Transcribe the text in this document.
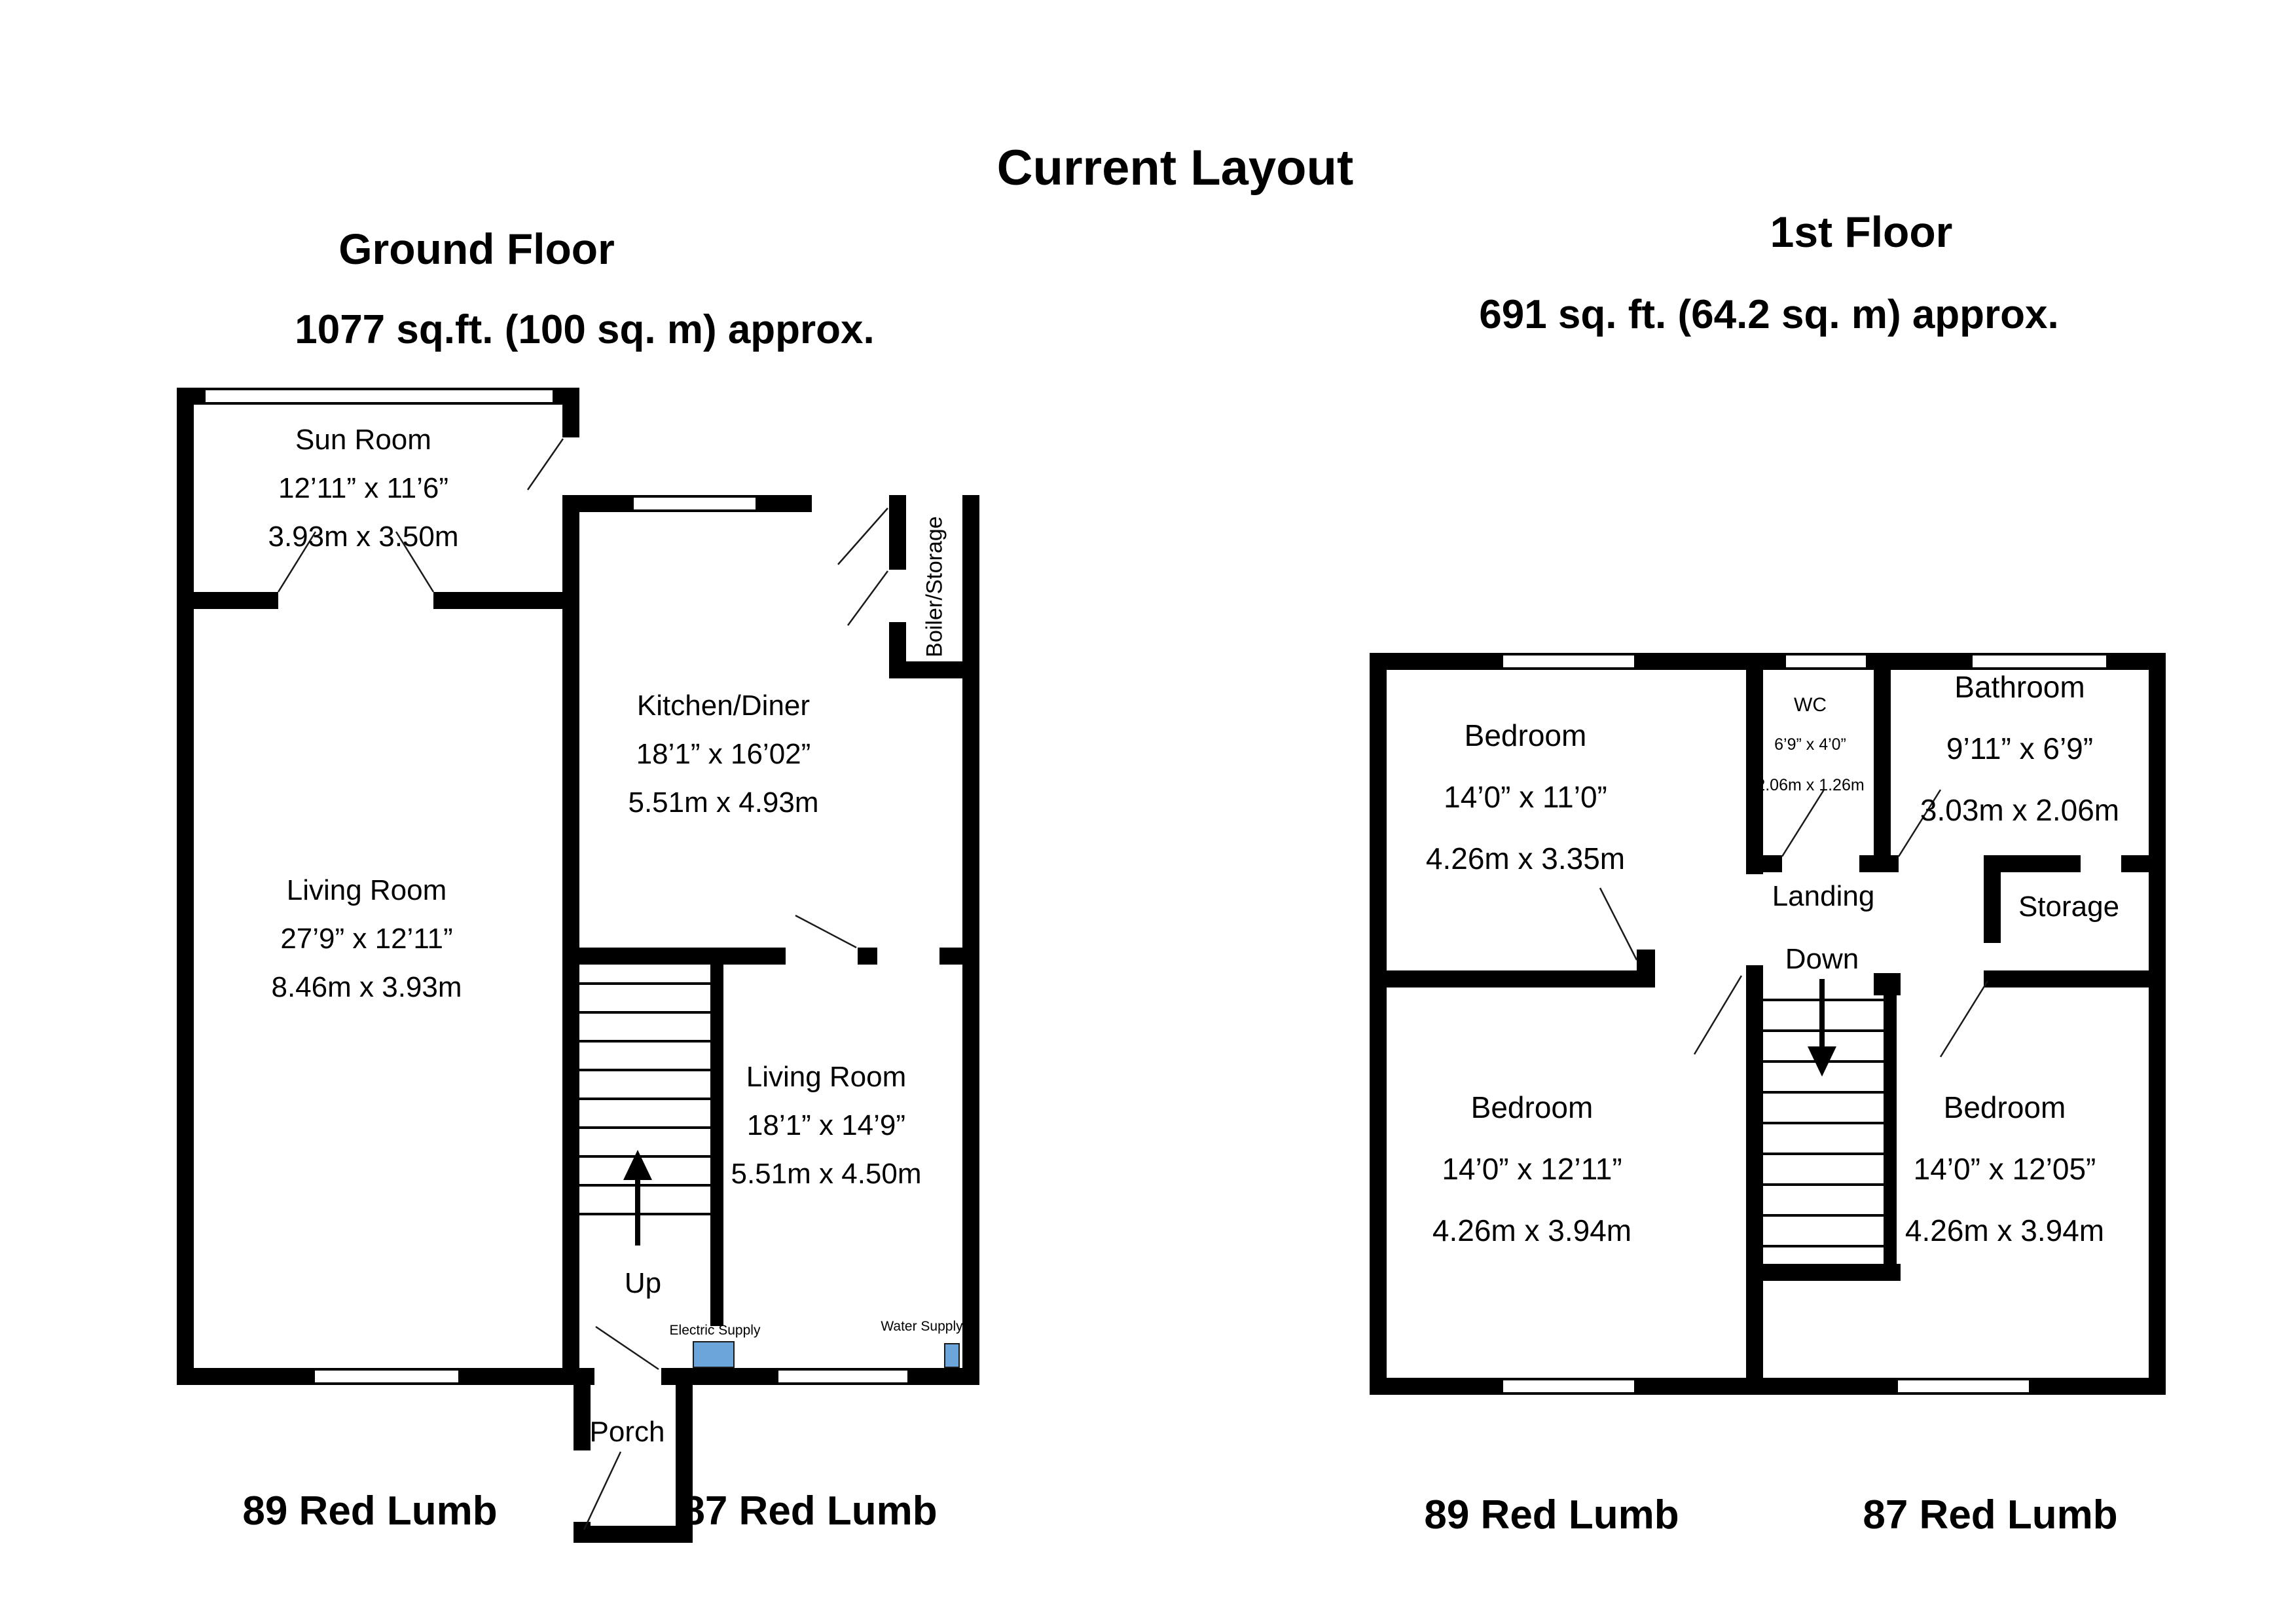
Current Layout
Ground Floor
1077 sq.ft. (100 sq. m) approx.
1st Floor
691 sq. ft. (64.2 sq. m) approx.

Sun Room

12’11” x 11’6”

3.93m x 3.50m

Living Room

27’9” x 12’11”

8.46m x 3.93m

Kitchen/Diner

18’1” x 16’02”

5.51m x 4.93m

Living Room

18’1” x 14’9”

5.51m x 4.50m

Boiler/Storage
Up
Porch
Electric Supply	Water Supply
89 Red Lumb	87 Red Lumb

Bedroom

14’0” x 11’0”

4.26m x 3.35m

WC

6’9” x 4’0”

2.06m x 1.26m

Bathroom

9’11” x 6’9”

3.03m x 2.06m

Bedroom

14’0” x 12’11”

4.26m x 3.94m

Bedroom

14’0” x 12’05”

4.26m x 3.94m

Landing
Down
Storage
89 Red Lumb	87 Red Lumb
